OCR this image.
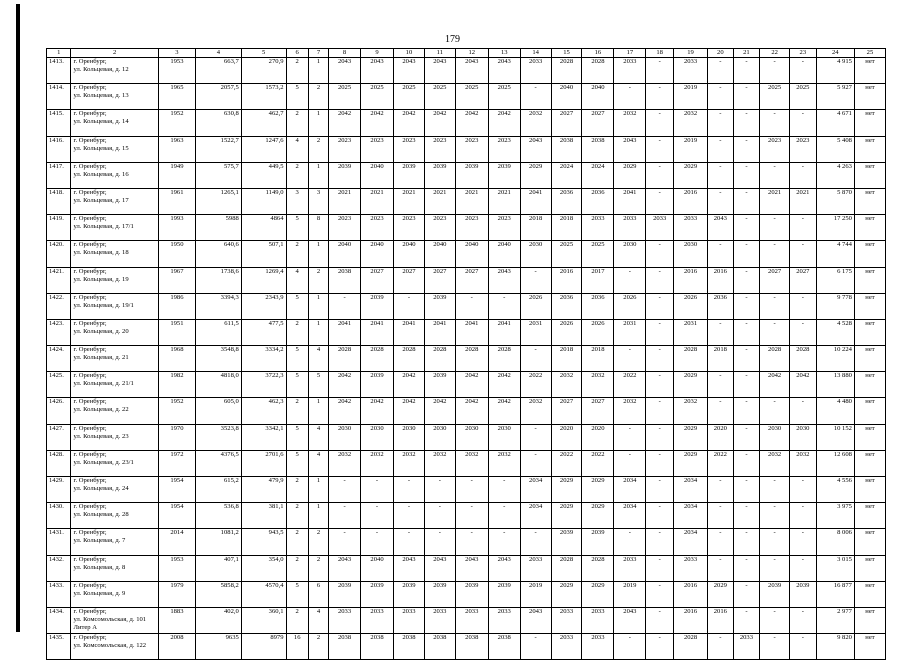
179
1	2	3	4	5	6	7	8	9	10	11	12	13	14	15	16	17	18	19	20	21	22	23	24	25
1413.	г. Оренбург,
ул. Кольцевая, д. 12	1953	663,7	270,9	2	1	2043	2043	2043	2043	2043	2043	2033	2028	2028	2033	-	2033	-	-	-	-	4 915	нет
1414.	г. Оренбург,
ул. Кольцевая, д. 13	1965	2057,5	1573,2	5	2	2025	2025	2025	2025	2025	2025	-	2040	2040	-	-	2019	-	-	2025	2025	5 927	нет
1415.	г. Оренбург,
ул. Кольцевая, д. 14	1952	630,8	462,7	2	1	2042	2042	2042	2042	2042	2042	2032	2027	2027	2032	-	2032	-	-	-	-	4 671	нет
1416.	г. Оренбург,
ул. Кольцевая, д. 15	1963	1522,7	1247,6	4	2	2023	2023	2023	2023	2023	2023	2043	2038	2038	2043	-	2019	-	-	2023	2023	5 408	нет
1417.	г. Оренбург,
ул. Кольцевая, д. 16	1949	575,7	449,5	2	1	2039	2040	2039	2039	2039	2039	2029	2024	2024	2029	-	2029	-	-	-	-	4 263	нет
1418.	г. Оренбург,
ул. Кольцевая, д. 17	1961	1265,1	1149,0	3	3	2021	2021	2021	2021	2021	2021	2041	2036	2036	2041	-	2016	-	-	2021	2021	5 870	нет
1419.	г. Оренбург,
ул. Кольцевая, д. 17/1	1993	5988	4864	5	8	2023	2023	2023	2023	2023	2023	2018	2018	2033	2033	2033	2033	2043	-	-	-	17 250	нет
1420.	г. Оренбург,
ул. Кольцевая, д. 18	1950	640,6	507,1	2	1	2040	2040	2040	2040	2040	2040	2030	2025	2025	2030	-	2030	-	-	-	-	4 744	нет
1421.	г. Оренбург,
ул. Кольцевая, д. 19	1967	1738,6	1269,4	4	2	2038	2027	2027	2027	2027	2043	-	2016	2017	-	-	2016	2016	-	2027	2027	6 175	нет
1422.	г. Оренбург,
ул. Кольцевая, д. 19/1	1986	3394,3	2343,9	5	1	-	2039	-	2039	-	-	2026	2036	2036	2026	-	2026	2036	-	-	-	9 778	нет
1423.	г. Оренбург,
ул. Кольцевая, д. 20	1951	611,5	477,5	2	1	2041	2041	2041	2041	2041	2041	2031	2026	2026	2031	-	2031	-	-	-	-	4 528	нет
1424.	г. Оренбург,
ул. Кольцевая, д. 21	1968	3548,8	3334,2	5	4	2028	2028	2028	2028	2028	2028	-	2018	2018	-	-	2028	2018	-	2028	2028	10 224	нет
1425.	г. Оренбург,
ул. Кольцевая, д. 21/1	1982	4818,0	3722,3	5	5	2042	2039	2042	2039	2042	2042	2022	2032	2032	2022	-	2029	-	-	2042	2042	13 880	нет
1426.	г. Оренбург,
ул. Кольцевая, д. 22	1952	605,0	462,3	2	1	2042	2042	2042	2042	2042	2042	2032	2027	2027	2032	-	2032	-	-	-	-	4 480	нет
1427.	г. Оренбург,
ул. Кольцевая, д. 23	1970	3523,8	3342,1	5	4	2030	2030	2030	2030	2030	2030	-	2020	2020	-	-	2029	2020	-	2030	2030	10 152	нет
1428.	г. Оренбург,
ул. Кольцевая, д. 23/1	1972	4376,5	2701,6	5	4	2032	2032	2032	2032	2032	2032	-	2022	2022	-	-	2029	2022	-	2032	2032	12 608	нет
1429.	г. Оренбург,
ул. Кольцевая, д. 24	1954	615,2	479,9	2	1	-	-	-	-	-	-	2034	2029	2029	2034	-	2034	-	-	-	-	4 556	нет
1430.	г. Оренбург,
ул. Кольцевая, д. 28	1954	536,8	381,1	2	1	-	-	-	-	-	-	2034	2029	2029	2034	-	2034	-	-	-	-	3 975	нет
1431.	г. Оренбург,
ул. Кольцевая, д. 7	2014	1081,2	943,5	2	2	-	-	-	-	-	-	-	2039	2039	-	-	2034	-	-	-	-	8 006	нет
1432.	г. Оренбург,
ул. Кольцевая, д. 8	1953	407,1	354,0	2	2	2043	2040	2043	2043	2043	2043	2033	2028	2028	2033	-	2033	-	-	-	-	3 015	нет
1433.	г. Оренбург,
ул. Кольцевая, д. 9	1979	5858,2	4570,4	5	6	2039	2039	2039	2039	2039	2039	2019	2029	2029	2019	-	2016	2029	-	2039	2039	16 877	нет
1434.	г. Оренбург,
ул. Комсомольская, д. 101
Литер А	1883	402,0	360,1	2	4	2033	2033	2033	2033	2033	2033	2043	2033	2033	2043	-	2016	2016	-	-	-	2 977	нет
1435.	г. Оренбург,
ул. Комсомольская, д. 122	2008	9635	8979	16	2	2038	2038	2038	2038	2038	2038	-	2033	2033	-	-	2028	-	2033	-	-	9 820	нет
